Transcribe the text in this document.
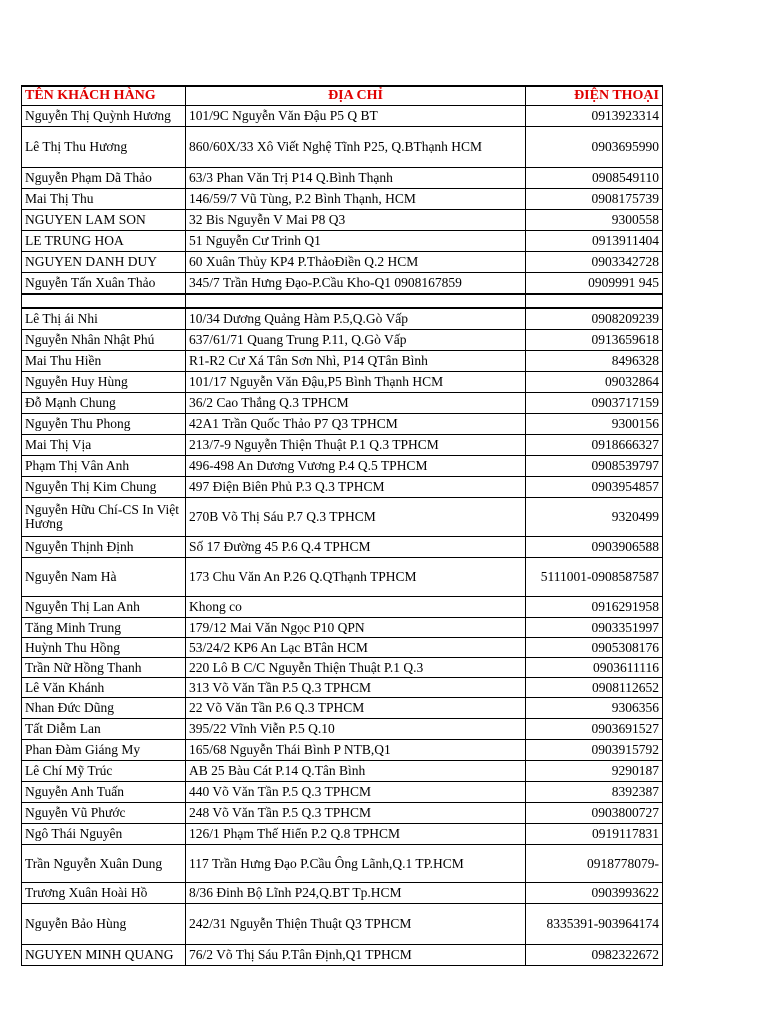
TÊN KHÁCH HÀNG	ĐỊA CHỈ	ĐIỆN THOẠI
Nguyễn Thị Quỳnh Hương	101/9C Nguyễn Văn Đậu P5 Q BT	0913923314
Lê Thị Thu Hương	860/60X/33 Xô Viết Nghệ Tĩnh P25, Q.BThạnh HCM	0903695990
Nguyễn Phạm Dã Thảo	63/3 Phan Văn Trị P14 Q.Bình Thạnh	0908549110
Mai Thị Thu	146/59/7 Vũ Tùng, P.2 Bình Thạnh, HCM	0908175739
NGUYEN LAM SON	32 Bis Nguyễn V Mai P8 Q3	9300558
LE TRUNG HOA	51 Nguyễn Cư Trinh Q1	0913911404
NGUYEN DANH DUY	60 Xuân Thủy KP4 P.ThảoĐiền Q.2 HCM	0903342728
Nguyễn Tấn Xuân Thảo	345/7 Trần Hưng Đạo-P.Cầu Kho-Q1 0908167859	0909991 945

Lê Thị ái Nhi	10/34 Dương Quảng Hàm P.5,Q.Gò Vấp	0908209239
Nguyễn Nhân Nhật Phú	637/61/71 Quang Trung P.11, Q.Gò Vấp	0913659618
Mai Thu Hiền	R1-R2 Cư Xá Tân Sơn Nhì, P14 QTân Bình	8496328
Nguyễn Huy Hùng	101/17 Nguyễn Văn Đậu,P5 Bình Thạnh HCM	09032864
Đỗ Mạnh Chung	36/2 Cao Thắng Q.3 TPHCM	0903717159
Nguyễn Thu Phong	42A1 Trần Quốc Thảo P7 Q3 TPHCM	9300156
Mai Thị Vịa	213/7-9 Nguyễn Thiện Thuật P.1 Q.3 TPHCM	0918666327
Phạm Thị Vân Anh	496-498 An Dương Vương P.4 Q.5 TPHCM	0908539797
Nguyễn Thị Kim Chung	497 Điện Biên Phủ P.3 Q.3 TPHCM	0903954857
Nguyễn Hữu Chí-CS In Việt Hương	270B Võ Thị Sáu P.7 Q.3 TPHCM	9320499
Nguyễn Thịnh Định	Số 17 Đường 45 P.6 Q.4 TPHCM	0903906588
Nguyễn Nam Hà	173 Chu Văn An P.26 Q.QThạnh TPHCM	5111001-0908587587
Nguyễn Thị Lan Anh	Khong co	0916291958
Tăng Minh Trung	179/12 Mai Văn Ngọc P10 QPN	0903351997
Huỳnh Thu Hồng	53/24/2 KP6 An Lạc BTân HCM	0905308176
Trần Nữ Hồng Thanh	220 Lô B C/C Nguyễn Thiện Thuật P.1 Q.3	0903611116
Lê Văn Khánh	313 Võ Văn Tần P.5 Q.3 TPHCM	0908112652
Nhan Đức Dũng	22 Võ Văn Tần P.6 Q.3 TPHCM	9306356
Tất Diễm Lan	395/22 Vĩnh Viễn P.5 Q.10	0903691527
Phan Đàm Giáng My	165/68 Nguyễn Thái Bình P NTB,Q1	0903915792
Lê Chí Mỹ Trúc	AB 25 Bàu Cát P.14 Q.Tân Bình	9290187
Nguyễn Anh Tuấn	440 Võ Văn Tần P.5 Q.3 TPHCM	8392387
Nguyễn Vũ Phước	248 Võ Văn Tần P.5 Q.3 TPHCM	0903800727
Ngô Thái Nguyên	126/1 Phạm Thế Hiển P.2 Q.8 TPHCM	0919117831
Trần Nguyễn Xuân Dung	117 Trần Hưng Đạo P.Cầu Ông Lãnh,Q.1 TP.HCM	0918778079-
Trương Xuân Hoài Hồ	8/36 Đinh Bộ Lĩnh P24,Q.BT Tp.HCM	0903993622
Nguyễn Bảo Hùng	242/31 Nguyễn Thiện Thuật Q3 TPHCM	8335391-903964174
NGUYEN MINH QUANG	76/2 Võ Thị Sáu P.Tân Định,Q1 TPHCM	0982322672
